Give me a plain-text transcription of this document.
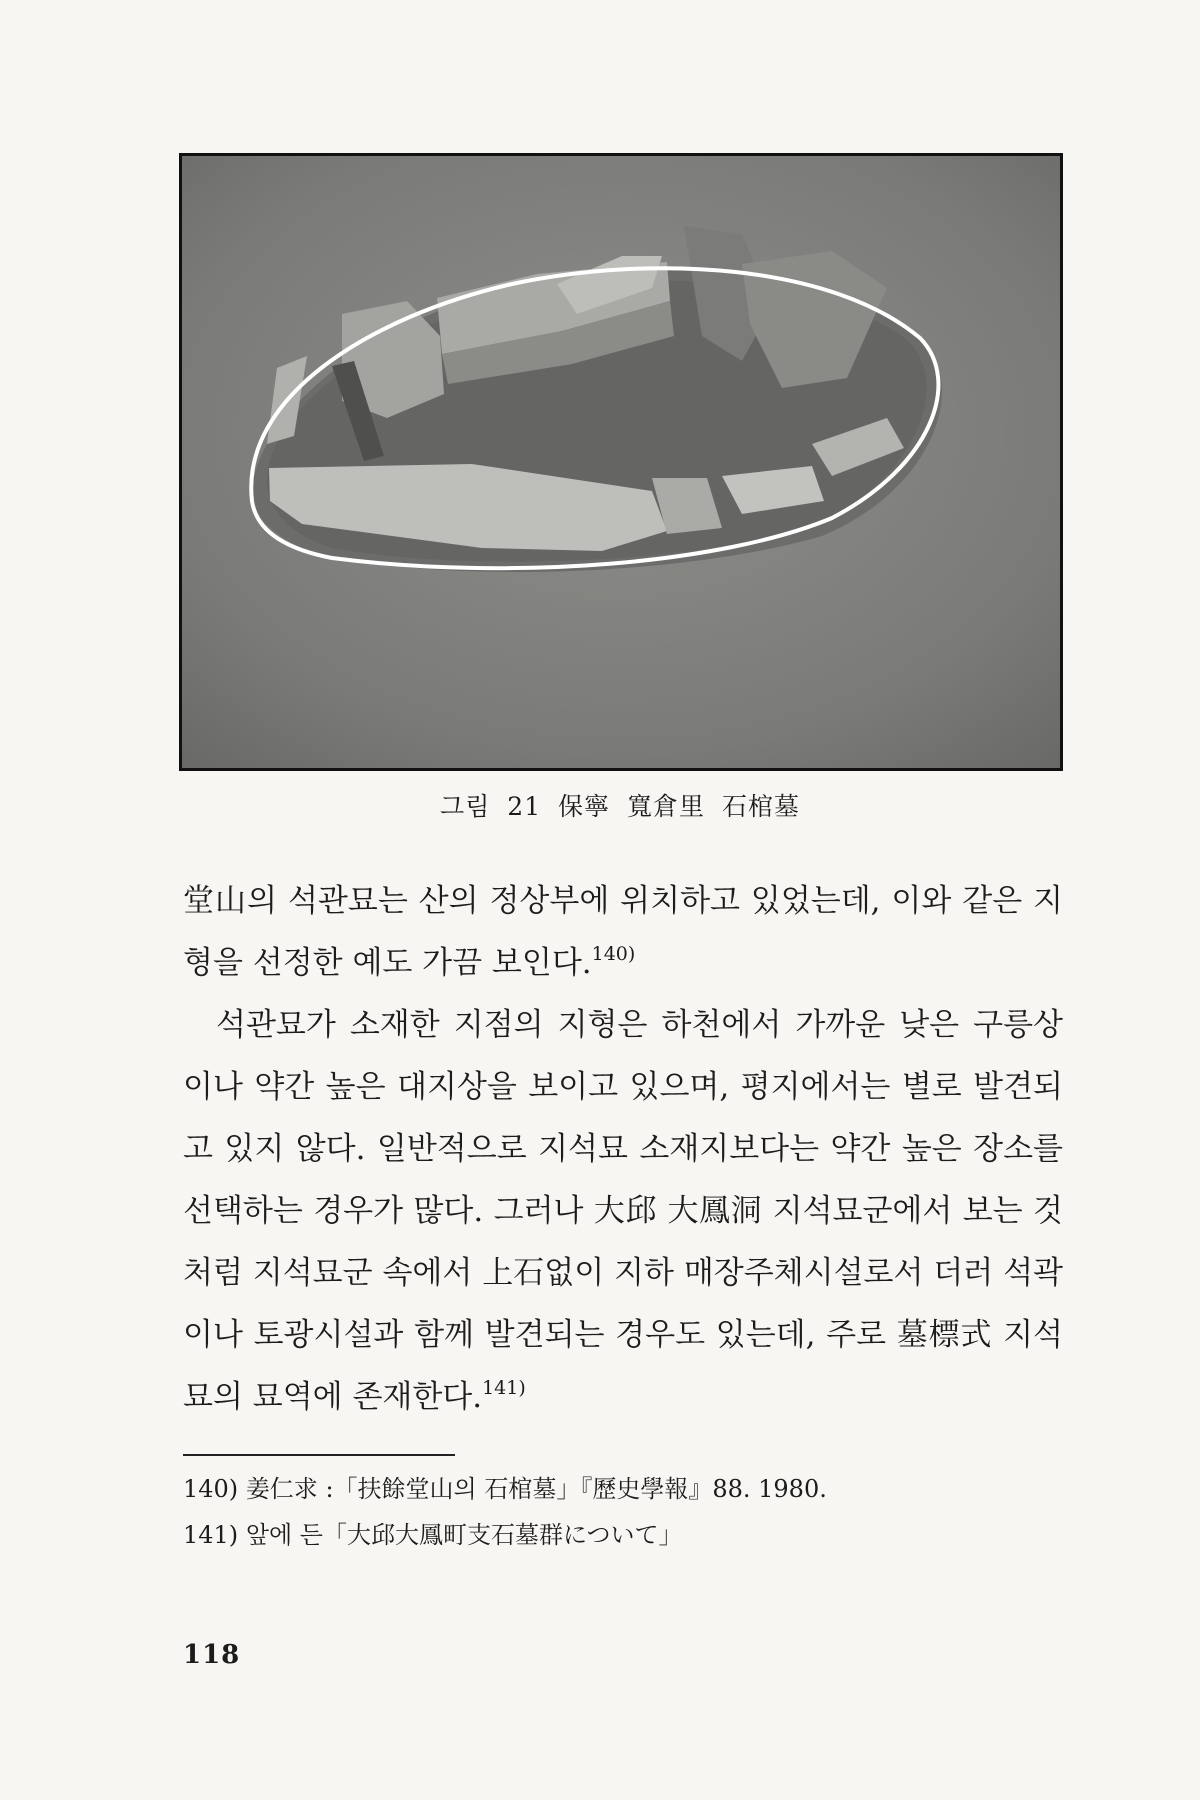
그림 21 保寧 寬倉里 石棺墓

堂山의 석관묘는 산의 정상부에 위치하고 있었는데, 이와 같은 지형을 선정한 예도 가끔 보인다.$^{140)}$

석관묘가 소재한 지점의 지형은 하천에서 가까운 낮은 구릉상이나 약간 높은 대지상을 보이고 있으며, 평지에서는 별로 발견되고 있지 않다. 일반적으로 지석묘 소재지보다는 약간 높은 장소를 선택하는 경우가 많다. 그러나 大邱 大鳳洞 지석묘군에서 보는 것처럼 지석묘군 속에서 上石없이 지하 매장주체시설로서 더러 석곽이나 토광시설과 함께 발견되는 경우도 있는데, 주로 墓標式 지석묘의 묘역에 존재한다.$^{141)}$

140) 姜仁求 :「扶餘堂山의 石棺墓」『歷史學報』88. 1980.
141) 앞에 든「大邱大鳳町支石墓群について」
118
